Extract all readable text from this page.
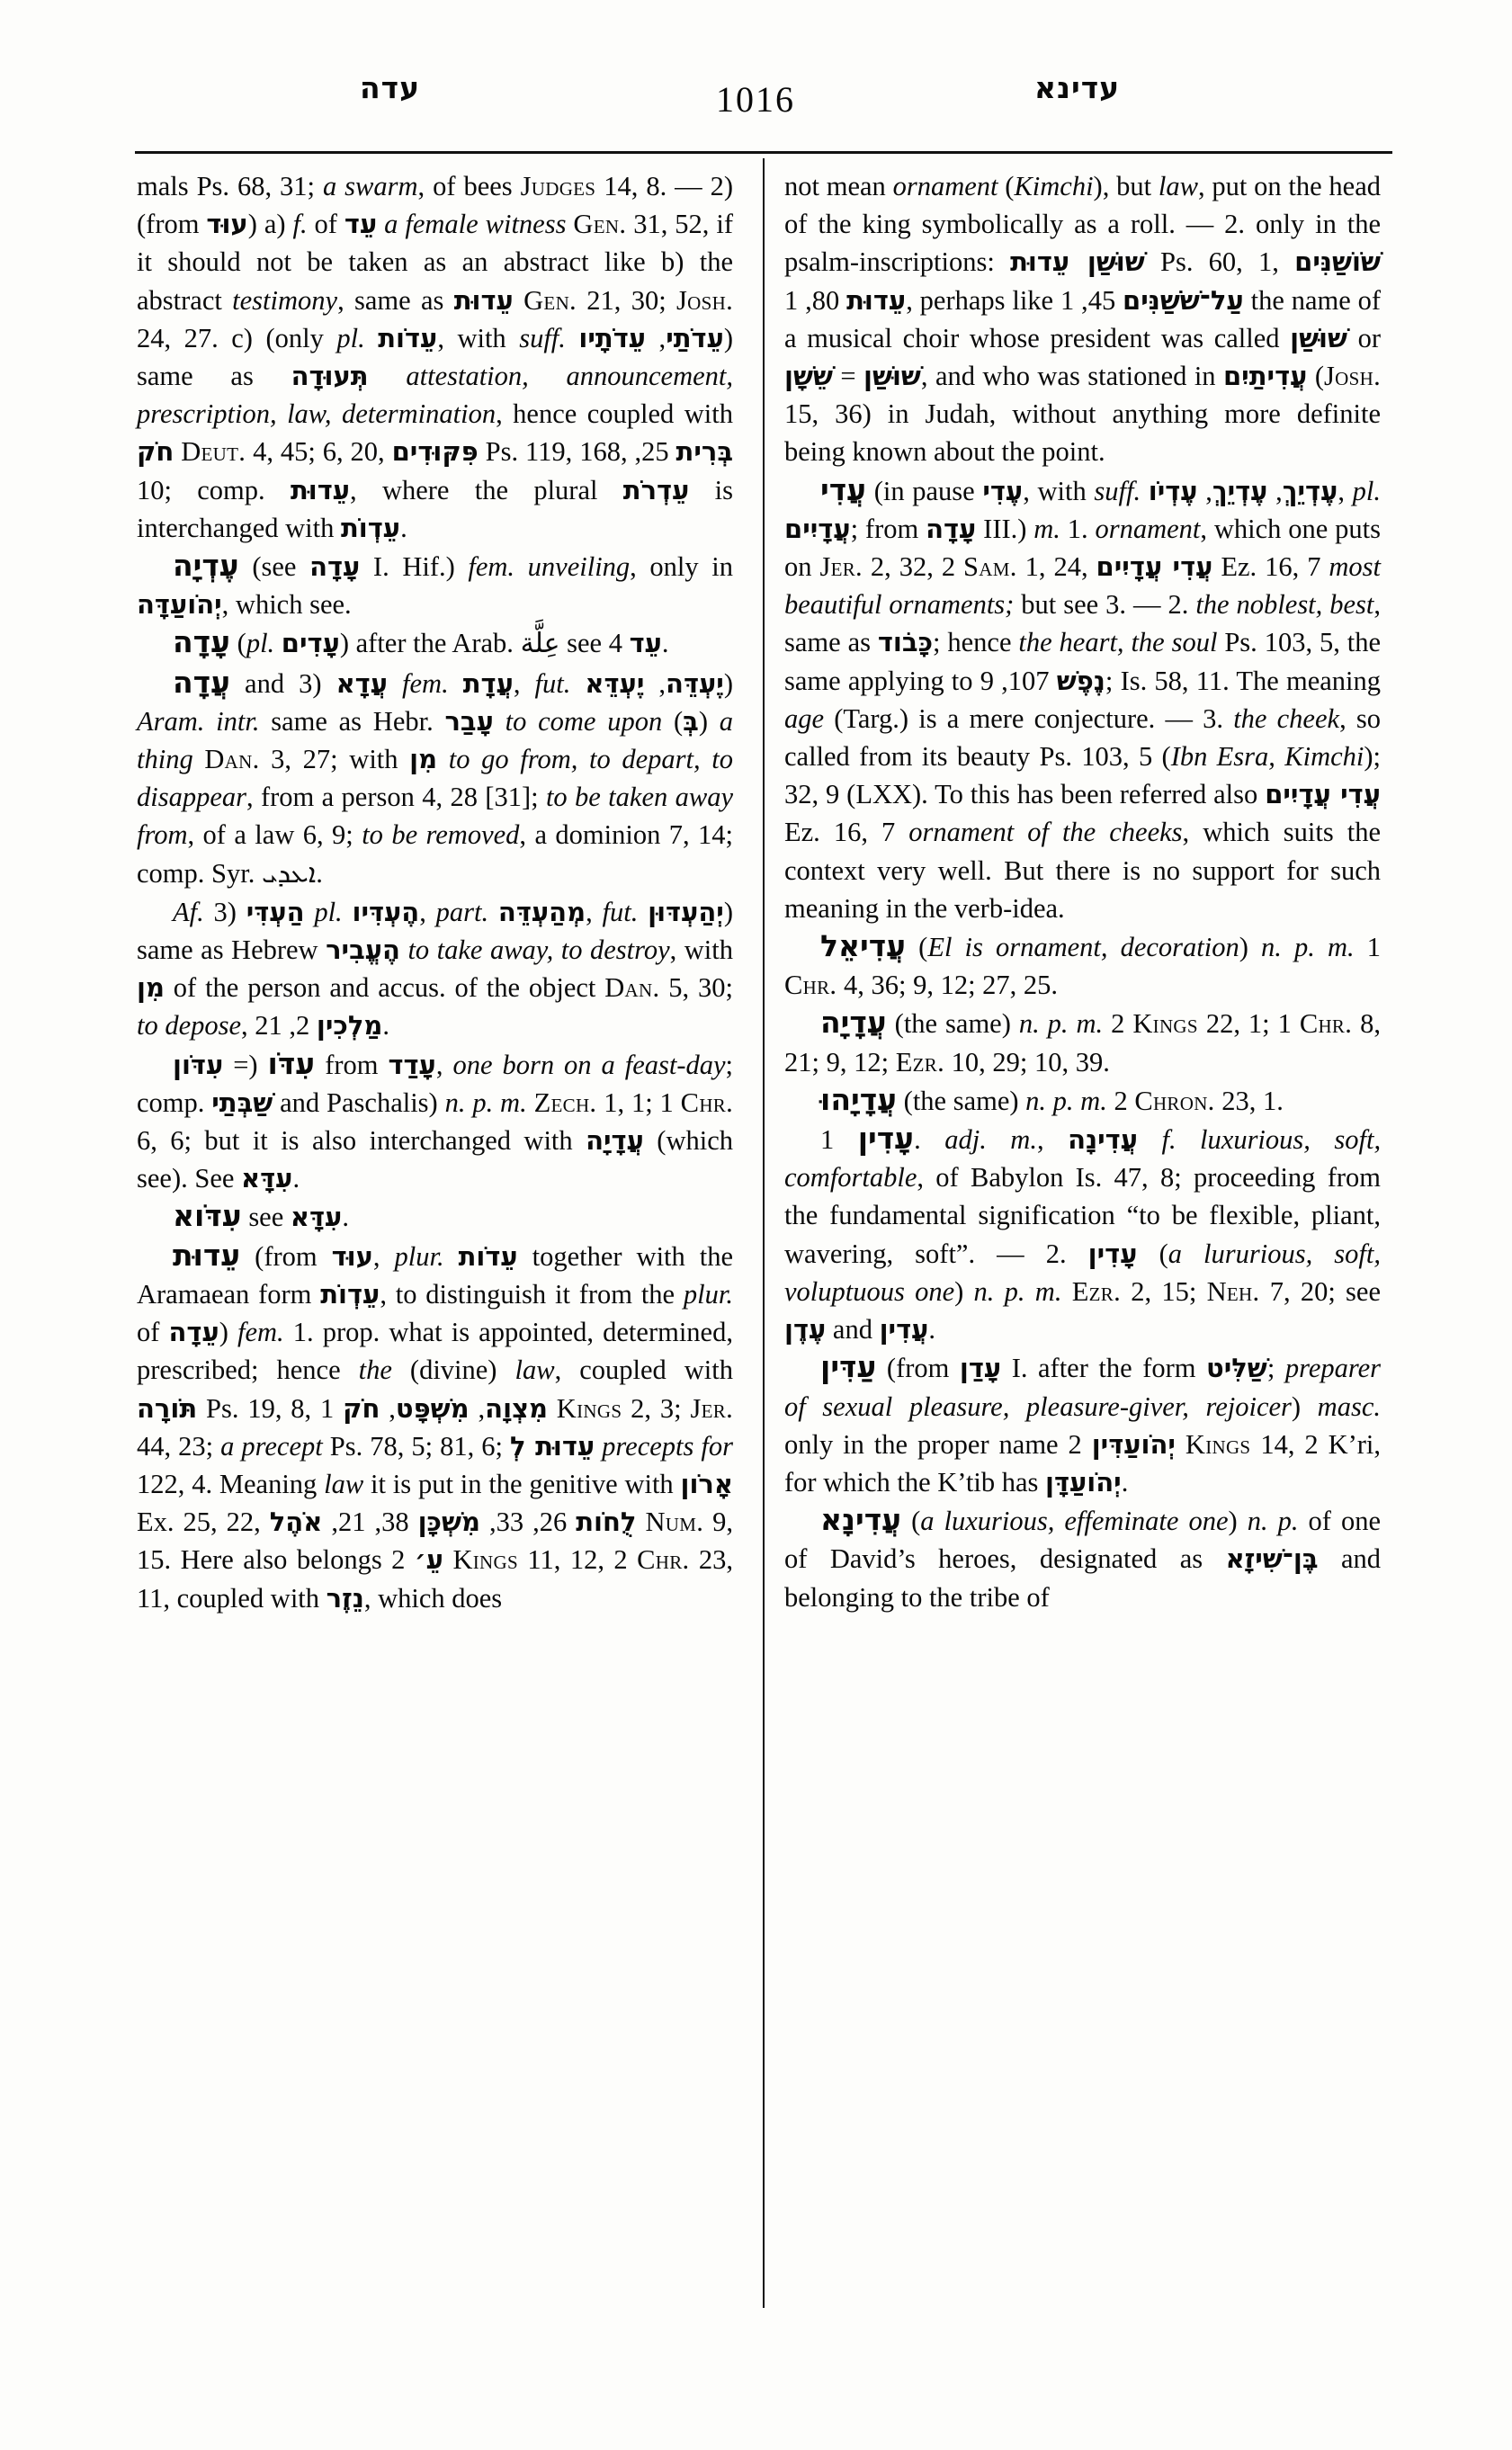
עדה	1016	עדינא

mals Ps. 68, 31; a swarm, of bees Judges 14, 8. — 2) (from עוּד) a) f. of עֵד a female witness Gen. 31, 52, if it should not be taken as an abstract like b) the abstract testimony, same as עֵדוּת Gen. 21, 30; Josh. 24, 27. c) (only pl. עֵדֹות, with suff.	עֵדֹתַי, עֵדֹתָיו	) same as תְּעוּדָה attestation, announcement, prescription, law, determination, hence coupled with חֹק Deut. 4, 45; 6, 20, פִּקּוּדִים Ps. 119, 168, בְּרִית 25, 10; comp. עֵדוּת, where the plural עֵדְרֹת is interchanged with עֵדְוֹת.

עֶדְיָה (see עָדָה I. Hif.) fem. unveiling, only in יְהֹועַדָּה, which see.

עָדָה (pl. עָדִים) after the Arab. عِلَّة see עֵד 4.

עֲדָה and עֲדָא (3 fem. עֲדָת, fut.	יֶעְדֵּה, יֶעְדֵּא	) Aram. intr. same as Hebr. עָבַר to come upon (בְּ) a thing Dan. 3, 27; with מִן to go from, to depart, to disappear, from a person 4, 28 [31]; to be taken away from, of a law 6, 9; to be removed, a dominion 7, 14; comp. Syr. ܐܥܕܝ.

Af. הַעְדִּי (3 pl. הֶעְדִּיו, part. מְהַעְדֵּה, fut. יְהַעְדּוּן) same as Hebrew הֶעֱבִיר to take away, to destroy, with מִן of the person and accus. of the object Dan. 5, 30; to depose, מַלְכִין 2, 21.

עִדֹּו (= עִדֹּון	from עָדַד, one born on a feast-day; comp. שַׁבְּתַי and Paschalis) n. p. m. Zech. 1, 1; 1 Chr. 6, 6; but it is also interchanged with עֲדָיָה (which see). See עִדָּא.

עִדֹּוא see עִדָּא.

עֵדוּת (from עוּד, plur. עֵדֹות together with the Aramaean form עֵדְוֹת, to distinguish it from the plur. of עֵדָה) fem. 1. prop. what is appointed, determined, prescribed; hence the (divine) law, coupled with תֹּורָה Ps. 19, 8,	מִצְוָה, מִשְׁפָּט, חֹק 1 Kings 2, 3; Jer. 44, 23; a precept Ps. 78, 5; 81, 6; עֵדוּת לְ precepts for 122, 4. Meaning law it is put in the genitive with אָרֹון Ex. 25, 22,	לֻחֹות 26, 33, מִשְׁכָּן 38, 21, אֹהֶל	Num. 9, 15. Here also belongs עֵ׳ 2 Kings 11, 12, 2 Chr. 23, 11, coupled with נֵזֶר, which does

not mean ornament (Kimchi), but law, put on the head of the king symbolically as a roll. — 2. only in the psalm-inscriptions: שׁוּשַׁן עֵדוּת Ps. 60, 1, שֹׁושַׁנִּים עֵדוּת 80, 1, perhaps like עַל־שֹׁשַׁנִּים 45, 1 the name of a musical choir whose president was called שׁוּשַׁן or שׁוּשַׁן = שֵׁשָׁן	, and who was stationed in עֲדִיתַיִם (Josh. 15, 36) in Judah, without anything more definite being known about the point.

עֲדִי (in pause עֶדִי, with suff.	עֶדְיֵךְ, עֶדְיֵךְ, עֶדְיֹו	, pl. עֲדָיִים; from עָדָה III.) m. 1. ornament, which one puts on Jer. 2, 32, 2 Sam. 1, 24, עֲדִי עֲדָיִים Ez. 16, 7 most beautiful ornaments; but see 3. — 2. the noblest, best, same as כָּבֹוד; hence the heart, the soul Ps. 103, 5, the same applying to	נֶפֶשׁ 107, 9; Is. 58, 11. The meaning age (Targ.) is a mere conjecture. — 3. the cheek, so called from its beauty Ps. 103, 5 (Ibn Esra, Kimchi); 32, 9 (LXX). To this has been referred also עֲדִי עֲדָיִים Ez. 16, 7 ornament of the cheeks, which suits the context very well. But there is no support for such meaning in the verb-idea.

עֲדִיאֵל (El is ornament, decoration) n. p. m. 1 Chr. 4, 36; 9, 12; 27, 25.

עֲדָיָה (the same) n. p. m. 2 Kings 22, 1; 1 Chr. 8, 21; 9, 12; Ezr. 10, 29; 10, 39.

עֲדָיָהוּ (the same) n. p. m. 2 Chron. 23, 1.

עָדִין 1. adj. m., עֲדִינָה f. luxurious, soft, comfortable, of Babylon Is. 47, 8; proceeding from the fundamental signification “to be flexible, pliant, wavering, soft”. — 2. עָדִין (a lururious, soft, voluptuous one) n. p. m. Ezr. 2, 15; Neh. 7, 20; see עֶדֶן and עֲדִין.

עַדִּין (from עָדַן I. after the form שַׁלִּיט; preparer of sexual pleasure, pleasure-giver, rejoicer) masc. only in the proper name יְהֹועַדִּין 2 Kings 14, 2 K’ri, for which the K’tib has יְהֹועַדָּן.

עֲדִינָא (a luxurious, effeminate one) n. p. of one of David’s heroes, designated as בֶּן־שִׁיזָא and belonging to the tribe of
